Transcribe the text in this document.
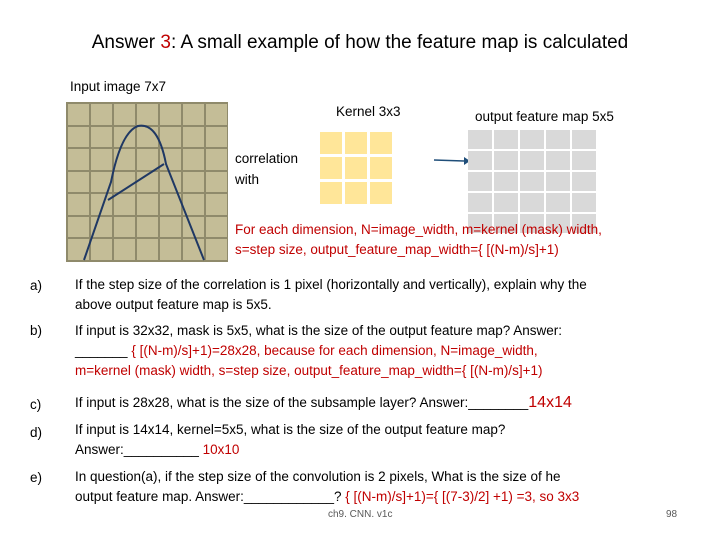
Answer 3: A small example of how the feature map is calculated
Input image 7x7
Kernel 3x3	output feature map 5x5
correlation
with
For each dimension, N=image_width, m=kernel (mask) width,
s=step size, output_feature_map_width={ [(N-m)/s]+1)
a) If the step size of the correlation is 1 pixel (horizontally and vertically), explain why the
above output feature map is 5x5.
b) If input is 32x32, mask is 5x5, what is the size of the output feature map? Answer:
_______ { [(N-m)/s]+1)=28x28, because for each dimension, N=image_width,
m=kernel (mask) width, s=step size, output_feature_map_width={ [(N-m)/s]+1)
c)	If input is 28x28, what is the size of the subsample layer? Answer:________14x14
d) If input is 14x14, kernel=5x5, what is the size of the output feature map?
Answer:__________ 10x10
e) In question(a), if the step size of the convolution is 2 pixels, What is the size of he
output feature map. Answer:____________? { [(N-m)/s]+1)={ [(7-3)/2] +1) =3, so 3x3
ch9. CNN. v1c	98
